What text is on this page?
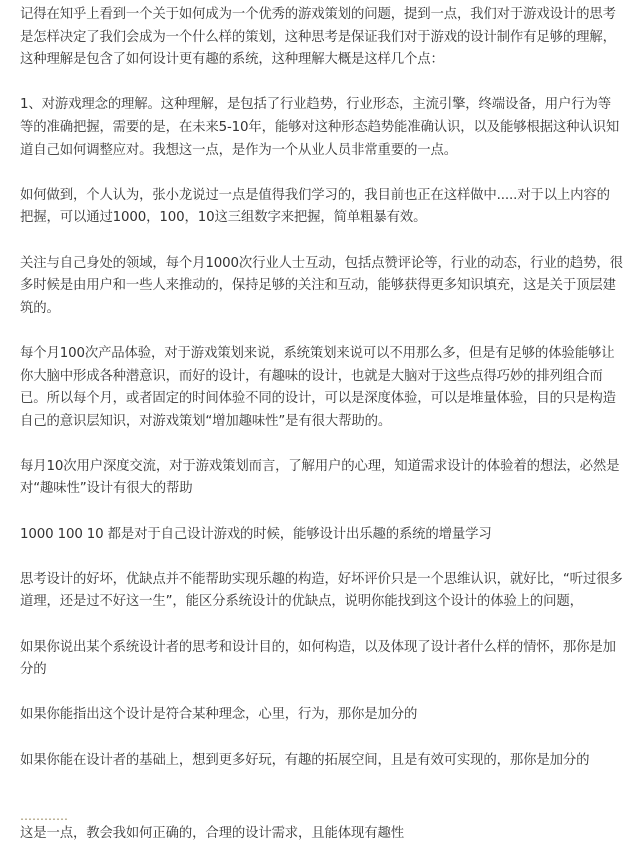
记得在知乎上看到一个关于如何成为一个优秀的游戏策划的问题，提到一点，我们对于游戏设计的思考是怎样决定了我们会成为一个什么样的策划，这种思考是保证我们对于游戏的设计制作有足够的理解，这种理解是包含了如何设计更有趣的系统，这种理解大概是这样几个点：

1、对游戏理念的理解。这种理解，是包括了行业趋势，行业形态，主流引擎，终端设备，用户行为等等的准确把握，需要的是，在未来5-10年，能够对这种形态趋势能准确认识，以及能够根据这种认识知道自己如何调整应对。我想这一点，是作为一个从业人员非常重要的一点。

如何做到，个人认为，张小龙说过一点是值得我们学习的，我目前也正在这样做中.....对于以上内容的把握，可以通过1000，100，10这三组数字来把握，简单粗暴有效。

关注与自己身处的领域，每个月1000次行业人士互动，包括点赞评论等，行业的动态，行业的趋势，很多时候是由用户和一些人来推动的，保持足够的关注和互动，能够获得更多知识填充，这是关于顶层建筑的。

每个月100次产品体验，对于游戏策划来说，系统策划来说可以不用那么多，但是有足够的体验能够让你大脑中形成各种潜意识，而好的设计，有趣味的设计，也就是大脑对于这些点得巧妙的排列组合而已。所以每个月，或者固定的时间体验不同的设计，可以是深度体验，可以是堆量体验，目的只是构造自己的意识层知识，对游戏策划“增加趣味性”是有很大帮助的。

每月10次用户深度交流，对于游戏策划而言，了解用户的心理，知道需求设计的体验着的想法，必然是对“趣味性”设计有很大的帮助

1000 100 10 都是对于自己设计游戏的时候，能够设计出乐趣的系统的增量学习

思考设计的好坏，优缺点并不能帮助实现乐趣的构造，好坏评价只是一个思维认识，就好比，“听过很多道理，还是过不好这一生”，能区分系统设计的优缺点，说明你能找到这个设计的体验上的问题，

如果你说出某个系统设计者的思考和设计目的，如何构造，以及体现了设计者什么样的情怀，那你是加分的

如果你能指出这个设计是符合某种理念，心里，行为，那你是加分的

如果你能在设计者的基础上，想到更多好玩，有趣的拓展空间，且是有效可实现的，那你是加分的

…………

这是一点，教会我如何正确的，合理的设计需求，且能体现有趣性
